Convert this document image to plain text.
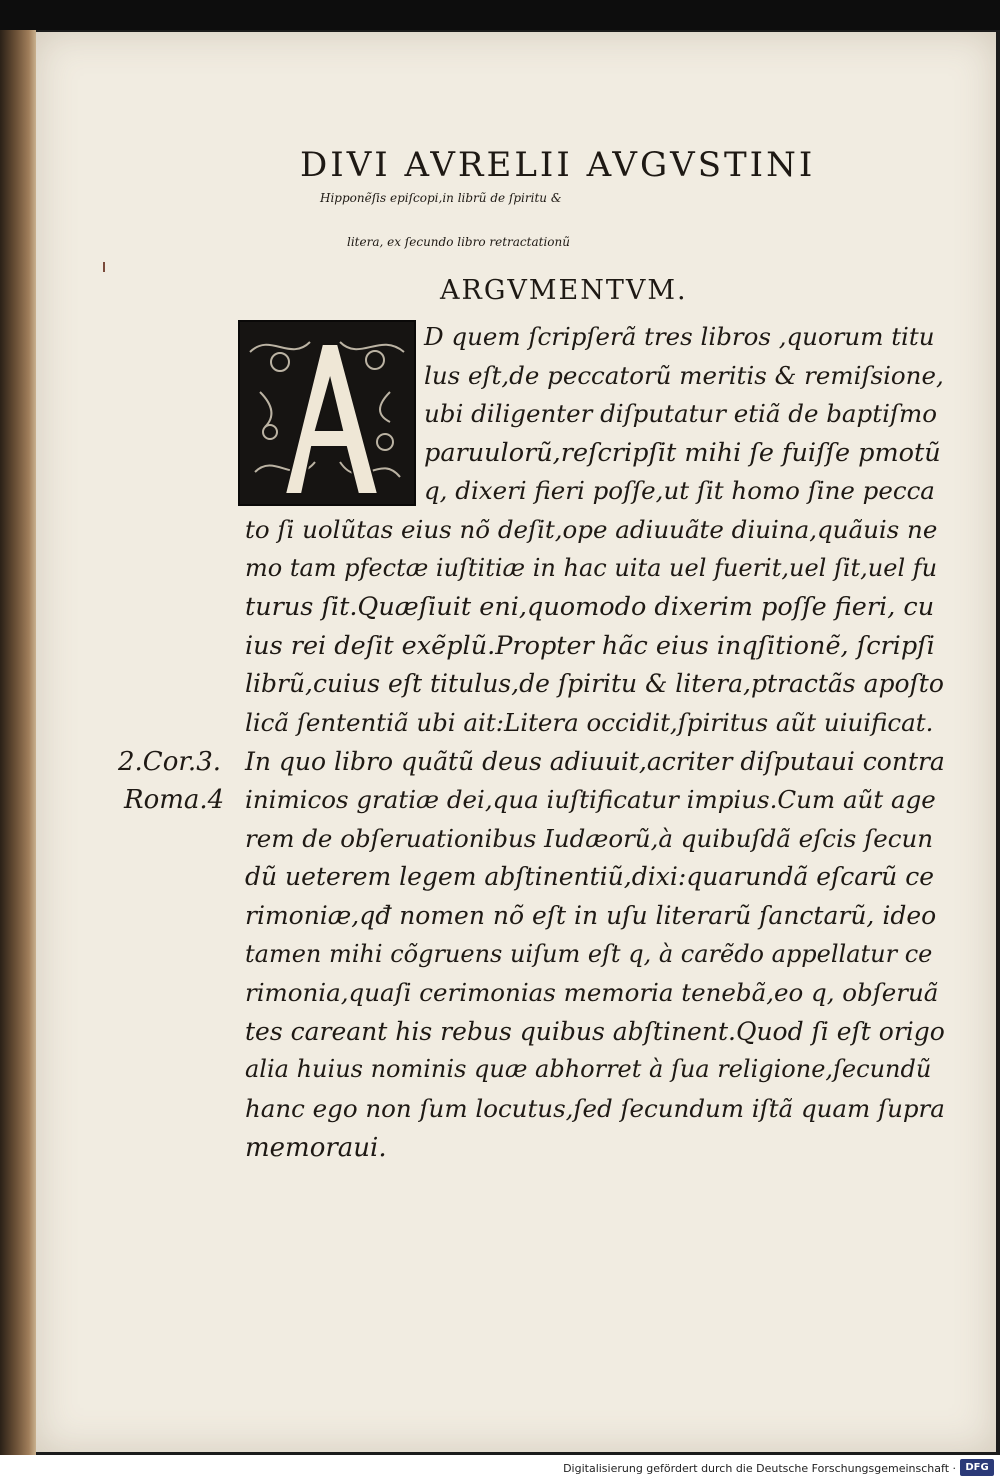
DIVI AVRELII AVGVSTINI
Hipponẽſis epiſcopi,in librũ de ſpiritu &
litera, ex ſecundo libro retractationũ
ARGVMENTVM.
D quem ſcripſerã tres libros ,quorum titu
lus eſt,de peccatorũ meritis & remiſsione,
ubi diligenter diſputatur etiã de baptiſmo
paruulorũ,reſcripſit mihi ſe fuiſſe pmotũ
q, dixeri fieri poſſe,ut ſit homo ſine pecca
to ſi uolũtas eius nõ deſit,ope adiuuãte diuina,quãuis ne
mo tam pfectæ iuſtitiæ in hac uita uel fuerit,uel ſit,uel fu
turus ſit.Quæſiuit eni,quomodo dixerim poſſe fieri, cu
ius rei deſit exẽplũ.Propter hãc eius inqſitionẽ, ſcripſi
librũ,cuius eſt titulus,de ſpiritu & litera,ptractãs apoſto
licã ſententiã ubi ait:Litera occidit,ſpiritus aũt uiuificat.
In quo libro quãtũ deus adiuuit,acriter diſputaui contra
inimicos gratiæ dei,qua iuſtificatur impius.Cum aũt age
rem de obſeruationibus Iudæorũ,à quibuſdã eſcis ſecun
dũ ueterem legem abſtinentiũ,dixi:quarundã eſcarũ ce
rimoniæ,qđ nomen nõ eſt in uſu literarũ ſanctarũ, ideo
tamen mihi cõgruens uiſum eſt q, à carẽdo appellatur ce
rimonia,quaſi cerimonias memoria tenebã,eo q, obſeruã
tes careant his rebus quibus abſtinent.Quod ſi eſt origo
alia huius nominis quæ abhorret à ſua religione,ſecundũ
hanc ego non ſum locutus,ſed ſecundum iſtã quam ſupra
memoraui.
2.Cor.3.
Roma.4
Digitalisierung gefördert durch die Deutsche Forschungsgemeinschaft · DFG
